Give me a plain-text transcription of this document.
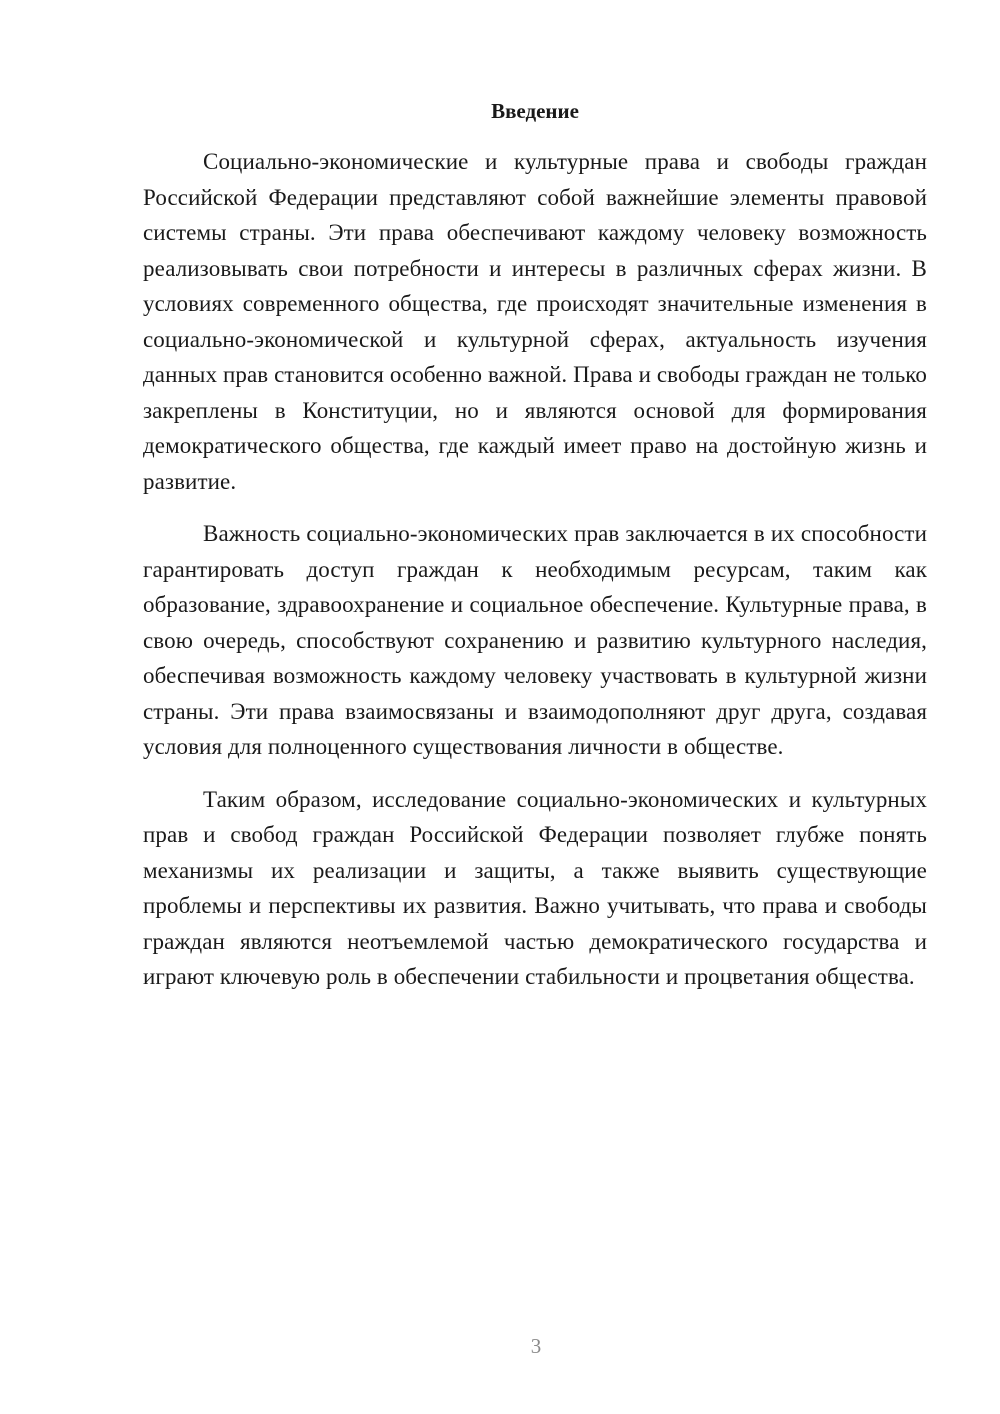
Введение

Социально-экономические и культурные права и свободы граждан Российской Федерации представляют собой важнейшие элементы правовой системы страны. Эти права обеспечивают каждому человеку возможность реализовывать свои потребности и интересы в различных сферах жизни. В условиях современного общества, где происходят значительные изменения в социально-экономической и культурной сферах, актуальность изучения данных прав становится особенно важной. Права и свободы граждан не только закреплены в Конституции, но и являются основой для формирования демократического общества, где каждый имеет право на достойную жизнь и развитие.

Важность социально-экономических прав заключается в их способности гарантировать доступ граждан к необходимым ресурсам, таким как образование, здравоохранение и социальное обеспечение. Культурные права, в свою очередь, способствуют сохранению и развитию культурного наследия, обеспечивая возможность каждому человеку участвовать в культурной жизни страны. Эти права взаимосвязаны и взаимодополняют друг друга, создавая условия для полноценного существования личности в обществе.

Таким образом, исследование социально-экономических и культурных прав и свобод граждан Российской Федерации позволяет глубже понять механизмы их реализации и защиты, а также выявить существующие проблемы и перспективы их развития. Важно учитывать, что права и свободы граждан являются неотъемлемой частью демократического государства и играют ключевую роль в обеспечении стабильности и процветания общества.

3
